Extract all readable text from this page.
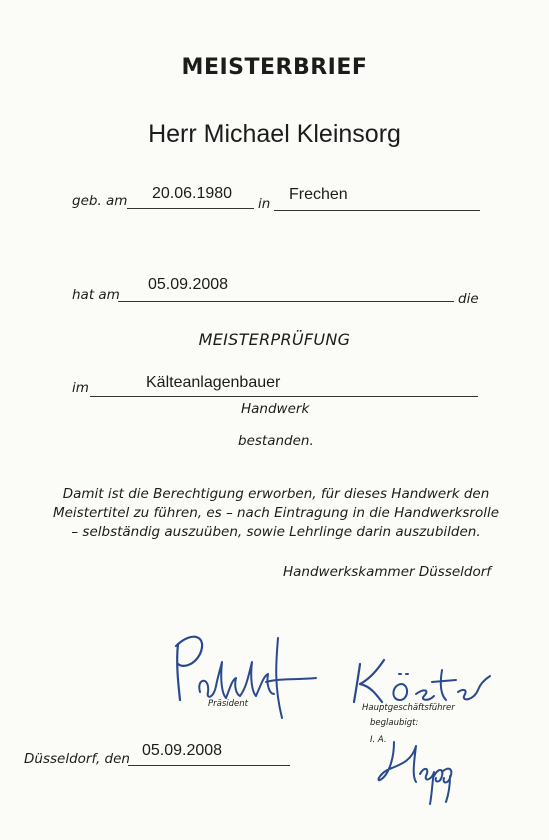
MEISTERBRIEF
Herr Michael Kleinsorg
geb. am 20.06.1980
in
Frechen
hat am
05.09.2008
die
MEISTERPRÜFUNG
im	Kälteanlagenbauer
Handwerk
bestanden.
Damit ist die Berechtigung erworben, für dieses Handwerk den
Meistertitel zu führen, es – nach Eintragung in die Handwerksrolle
– selbständig auszuüben, sowie Lehrlinge darin auszubilden.
Handwerkskammer Düsseldorf
Präsident	Hauptgeschäftsführer
beglaubigt:
I. A.
Düsseldorf, den 05.09.2008
